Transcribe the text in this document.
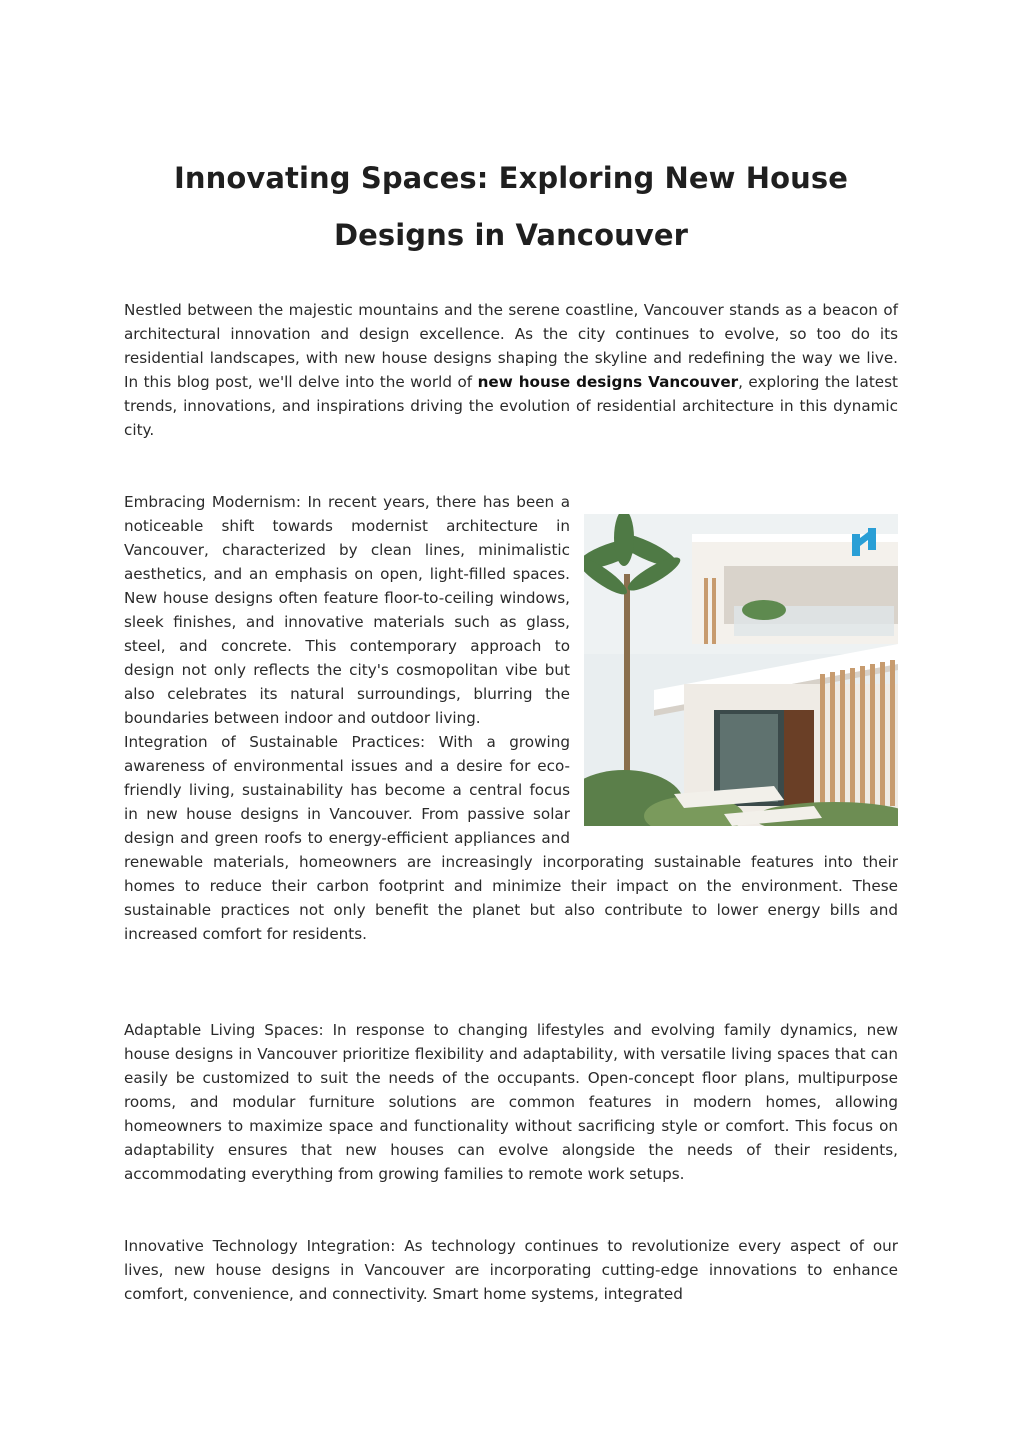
Innovating Spaces: Exploring New House Designs in Vancouver

Nestled between the majestic mountains and the serene coastline, Vancouver stands as a beacon of architectural innovation and design excellence. As the city continues to evolve, so too do its residential landscapes, with new house designs shaping the skyline and redefining the way we live. In this blog post, we'll delve into the world of new house designs Vancouver, exploring the latest trends, innovations, and inspirations driving the evolution of residential architecture in this dynamic city.

Embracing Modernism: In recent years, there has been a noticeable shift towards modernist architecture in Vancouver, characterized by clean lines, minimalistic aesthetics, and an emphasis on open, light-filled spaces. New house designs often feature floor-to-ceiling windows, sleek finishes, and innovative materials such as glass, steel, and concrete. This contemporary approach to design not only reflects the city's cosmopolitan vibe but also celebrates its natural surroundings, blurring the boundaries between indoor and outdoor living.
Integration of Sustainable Practices: With a growing awareness of environmental issues and a desire for eco-friendly living, sustainability has become a central focus in new house designs in Vancouver. From passive solar design and green roofs to energy-efficient appliances and renewable materials, homeowners are increasingly incorporating sustainable features into their homes to reduce their carbon footprint and minimize their impact on the environment. These sustainable practices not only benefit the planet but also contribute to lower energy bills and increased comfort for residents.

Adaptable Living Spaces: In response to changing lifestyles and evolving family dynamics, new house designs in Vancouver prioritize flexibility and adaptability, with versatile living spaces that can easily be customized to suit the needs of the occupants. Open-concept floor plans, multipurpose rooms, and modular furniture solutions are common features in modern homes, allowing homeowners to maximize space and functionality without sacrificing style or comfort. This focus on adaptability ensures that new houses can evolve alongside the needs of their residents, accommodating everything from growing families to remote work setups.

Innovative Technology Integration: As technology continues to revolutionize every aspect of our lives, new house designs in Vancouver are incorporating cutting-edge innovations to enhance comfort, convenience, and connectivity. Smart home systems, integrated
